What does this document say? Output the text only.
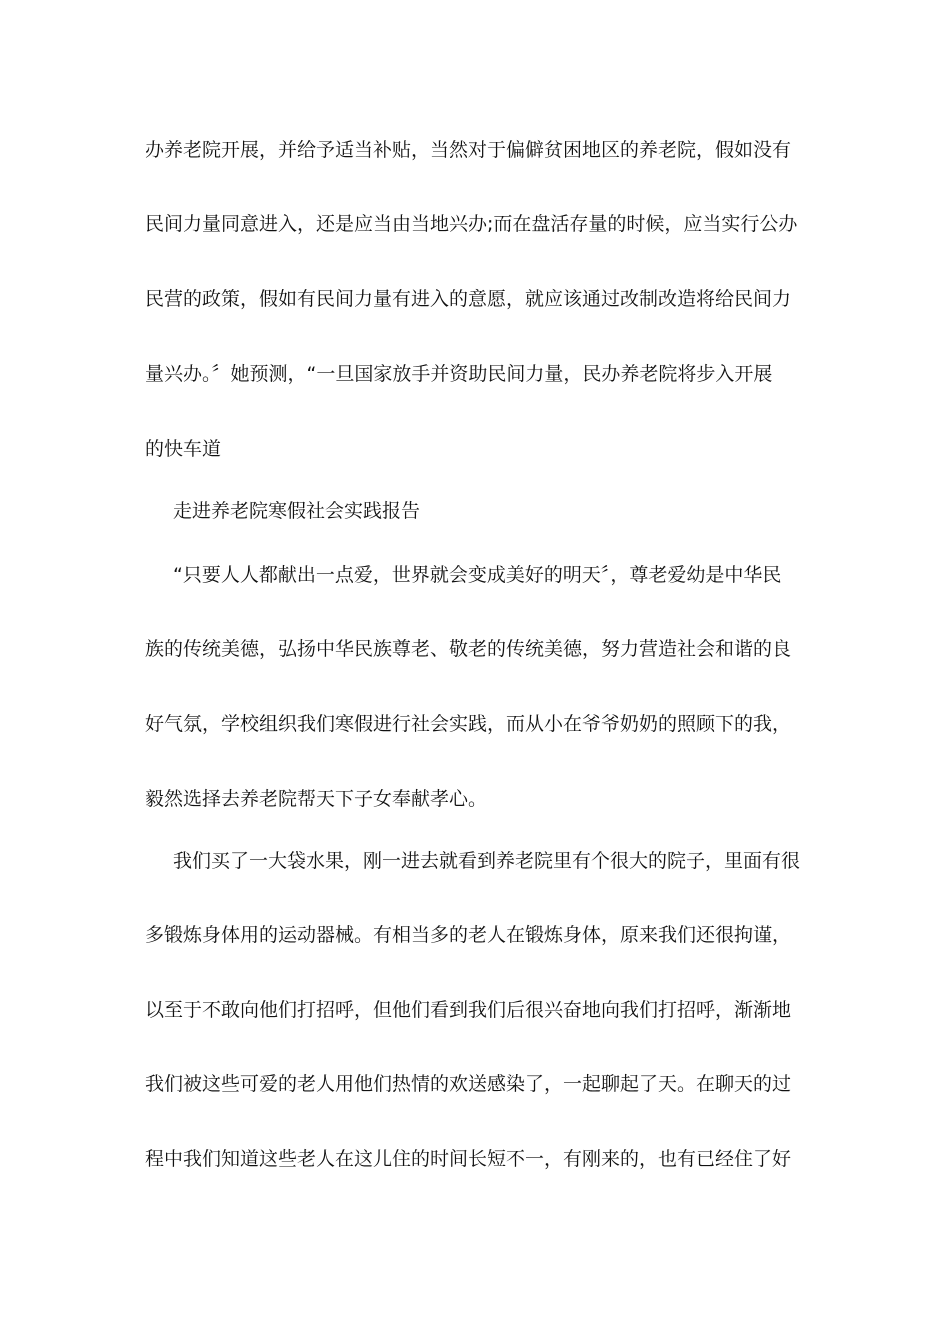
办养老院开展，并给予适当补贴，当然对于偏僻贫困地区的养老院，假如没有
民间力量同意进入，还是应当由当地兴办;而在盘活存量的时候，应当实行公办
民营的政策，假如有民间力量有进入的意愿，就应该通过改制改造将给民间力
量兴办。〞她预测，“一旦国家放手并资助民间力量，民办养老院将步入开展
的快车道
走进养老院寒假社会实践报告
“只要人人都献出一点爱，世界就会变成美好的明天〞，尊老爱幼是中华民
族的传统美德，弘扬中华民族尊老、敬老的传统美德，努力营造社会和谐的良
好气氛，学校组织我们寒假进行社会实践，而从小在爷爷奶奶的照顾下的我，
毅然选择去养老院帮天下子女奉献孝心。
我们买了一大袋水果，刚一进去就看到养老院里有个很大的院子，里面有很
多锻炼身体用的运动器械。有相当多的老人在锻炼身体，原来我们还很拘谨，
以至于不敢向他们打招呼，但他们看到我们后很兴奋地向我们打招呼，渐渐地
我们被这些可爱的老人用他们热情的欢送感染了，一起聊起了天。在聊天的过
程中我们知道这些老人在这儿住的时间长短不一，有刚来的，也有已经住了好
